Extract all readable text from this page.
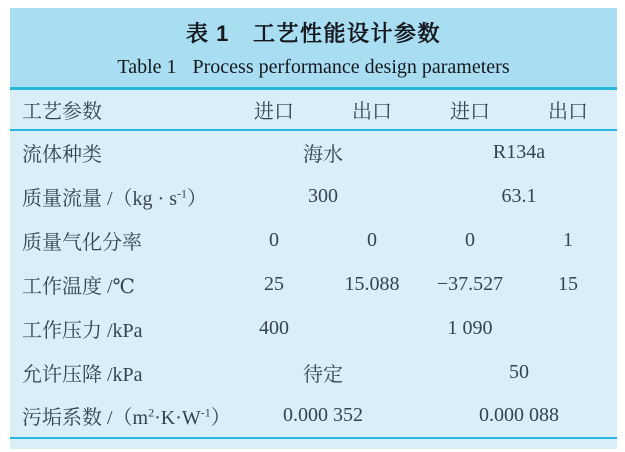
表 1 工艺性能设计参数
Table 1 Process performance design parameters
工艺参数	进口	出口	进口	出口
流体种类	海水		R134a	
质量流量 $/(kg \cdot s^{-1})$	300		63.1	
质量气化分率	0	0	0	1
工作温度 /℃	25	15.088	−37.527	15
工作压力 /kPa	400		1 090	
允许压降 /kPa	待定		50	
污垢系数 $/(m^2\cdot K\cdot W^{-1})$	0.000 352		0.000 088	
